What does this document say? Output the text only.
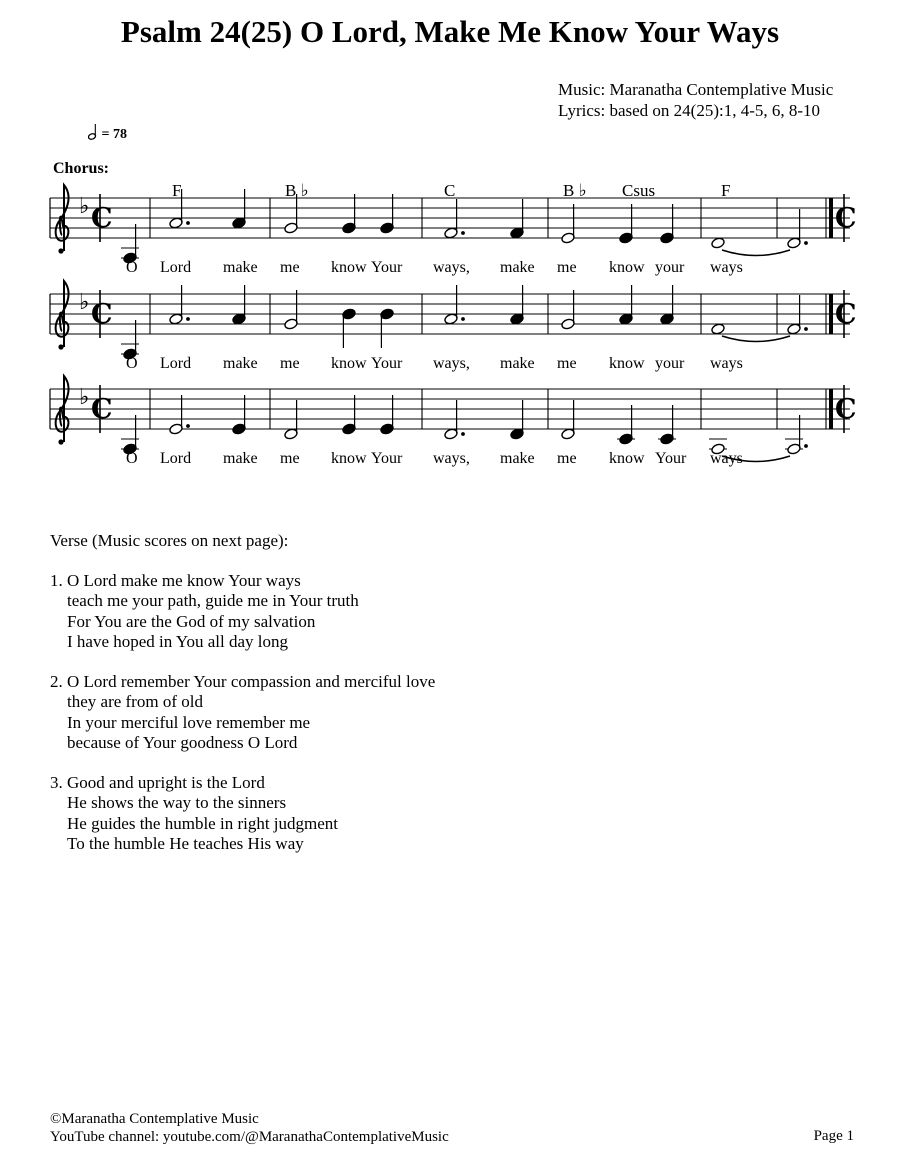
Psalm 24(25) O Lord, Make Me Know Your Ways
Music: Maranatha Contemplative Music
Lyrics: based on 24(25):1, 4-5, 6, 8-10
= 78
Chorus:
F	B ♭	C	B ♭ Csus	F
♭ C	C
♭ C	C
♭ C	C
O Lord make me know Your ways, make me know your ways
O Lord make me know Your ways, make me know your ways
O Lord make me know Your ways, make me know Your ways
Verse (Music scores on next page):
1. O Lord make me know Your ways
teach me your path, guide me in Your truth
For You are the God of my salvation
I have hoped in You all day long
2. O Lord remember Your compassion and merciful love
they are from of old
In your merciful love remember me
because of Your goodness O Lord
3. Good and upright is the Lord
He shows the way to the sinners
He guides the humble in right judgment
To the humble He teaches His way
©Maranatha Contemplative Music
YouTube channel: youtube.com/@MaranathaContemplativeMusic	Page 1
